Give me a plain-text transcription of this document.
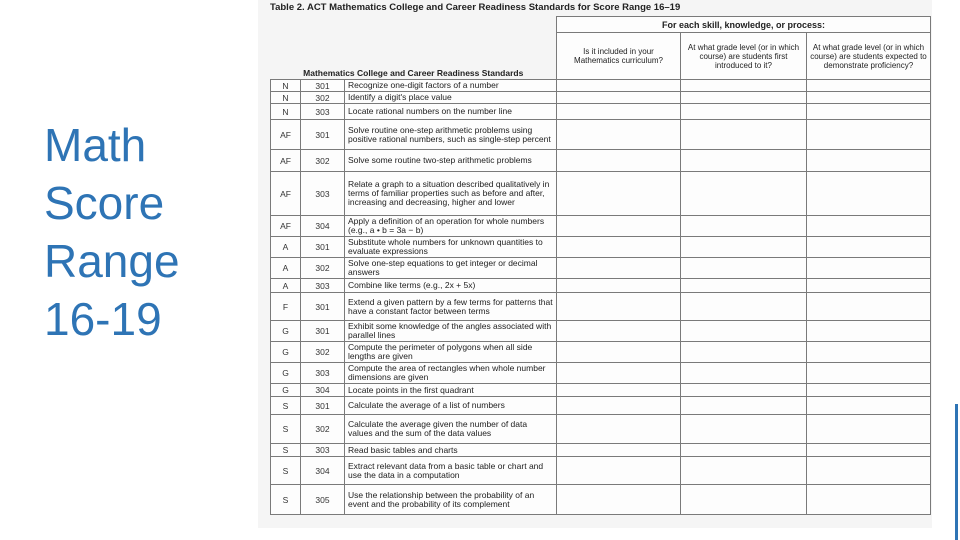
Math
Score
Range
16-19
Table 2. ACT Mathematics College and Career Readiness Standards for Score Range 16–19
Mathematics College and Career Readiness Standards			For each skill, knowledge, or process:		
			Is it included in your Mathematics curriculum?	At what grade level (or in which course) are students first introduced to it?	At what grade level (or in which course) are students expected to demonstrate proficiency?
N	301	Recognize one-digit factors of a number			
N	302	Identify a digit's place value			
N	303	Locate rational numbers on the number line			
AF	301	Solve routine one-step arithmetic problems using positive rational numbers, such as single-step percent			
AF	302	Solve some routine two-step arithmetic problems			
AF	303	Relate a graph to a situation described qualitatively in terms of familiar properties such as before and after, increasing and decreasing, higher and lower			
AF	304	Apply a definition of an operation for whole numbers (e.g., a • b = 3a − b)			
A	301	Substitute whole numbers for unknown quantities to evaluate expressions			
A	302	Solve one-step equations to get integer or decimal answers			
A	303	Combine like terms (e.g., 2x + 5x)			
F	301	Extend a given pattern by a few terms for patterns that have a constant factor between terms			
G	301	Exhibit some knowledge of the angles associated with parallel lines			
G	302	Compute the perimeter of polygons when all side lengths are given			
G	303	Compute the area of rectangles when whole number dimensions are given			
G	304	Locate points in the first quadrant			
S	301	Calculate the average of a list of numbers			
S	302	Calculate the average given the number of data values and the sum of the data values			
S	303	Read basic tables and charts			
S	304	Extract relevant data from a basic table or chart and use the data in a computation			
S	305	Use the relationship between the probability of an event and the probability of its complement			
